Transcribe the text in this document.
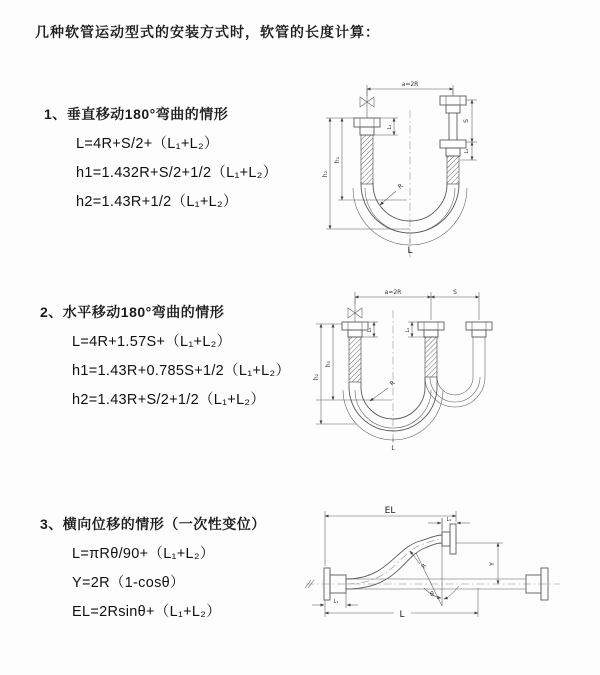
几种软管运动型式的安装方式时，软管的长度计算：
1、垂直移动180°弯曲的情形
L=4R+S/2+（L₁+L₂）
h1=1.432R+S/2+1/2（L₁+L₂）
h2=1.43R+1/2（L₁+L₂）
2、水平移动180°弯曲的情形
L=4R+1.57S+（L₁+L₂）
h1=1.43R+0.785S+1/2（L₁+L₂）
h2=1.43R+S/2+1/2（L₁+L₂）
3、横向位移的情形（一次性变位）
L=πRθ/90+（L₁+L₂）
Y=2R（1-cosθ）
EL=2Rsinθ+（L₁+L₂）
a=2R
L₁
S
L₂
h₁
h₂
R
L
a=2R	S
L₁	L₂
h₁
h₂
R
L
EL
L₁
Y
R
θ
L
L₁
